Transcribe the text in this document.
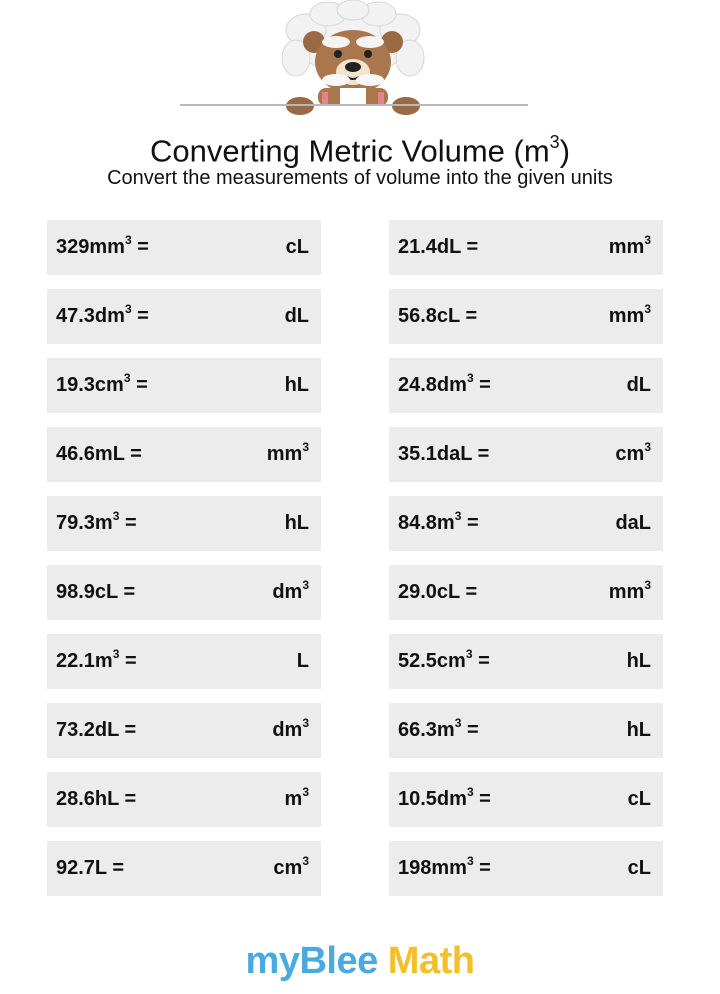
Converting Metric Volume $(m^3)$
Convert the measurements of volume into the given units
$329mm^3$ =	cL
$47.3dm^3$ =	dL
$19.3cm^3$ =	hL
46.6mL =	$mm^3$
$79.3m^3$ =	hL
98.9cL =	$dm^3$
$22.1m^3$ =	L
73.2dL =	$dm^3$
28.6hL =	$m^3$
92.7L =	$cm^3$
21.4dL =	$mm^3$
56.8cL =	$mm^3$
$24.8dm^3$ =	dL
35.1daL =	$cm^3$
$84.8m^3$ =	daL
29.0cL =	$mm^3$
$52.5cm^3$ =	hL
$66.3m^3$ =	hL
$10.5dm^3$ =	cL
$198mm^3$ =	cL
myBlee Math
